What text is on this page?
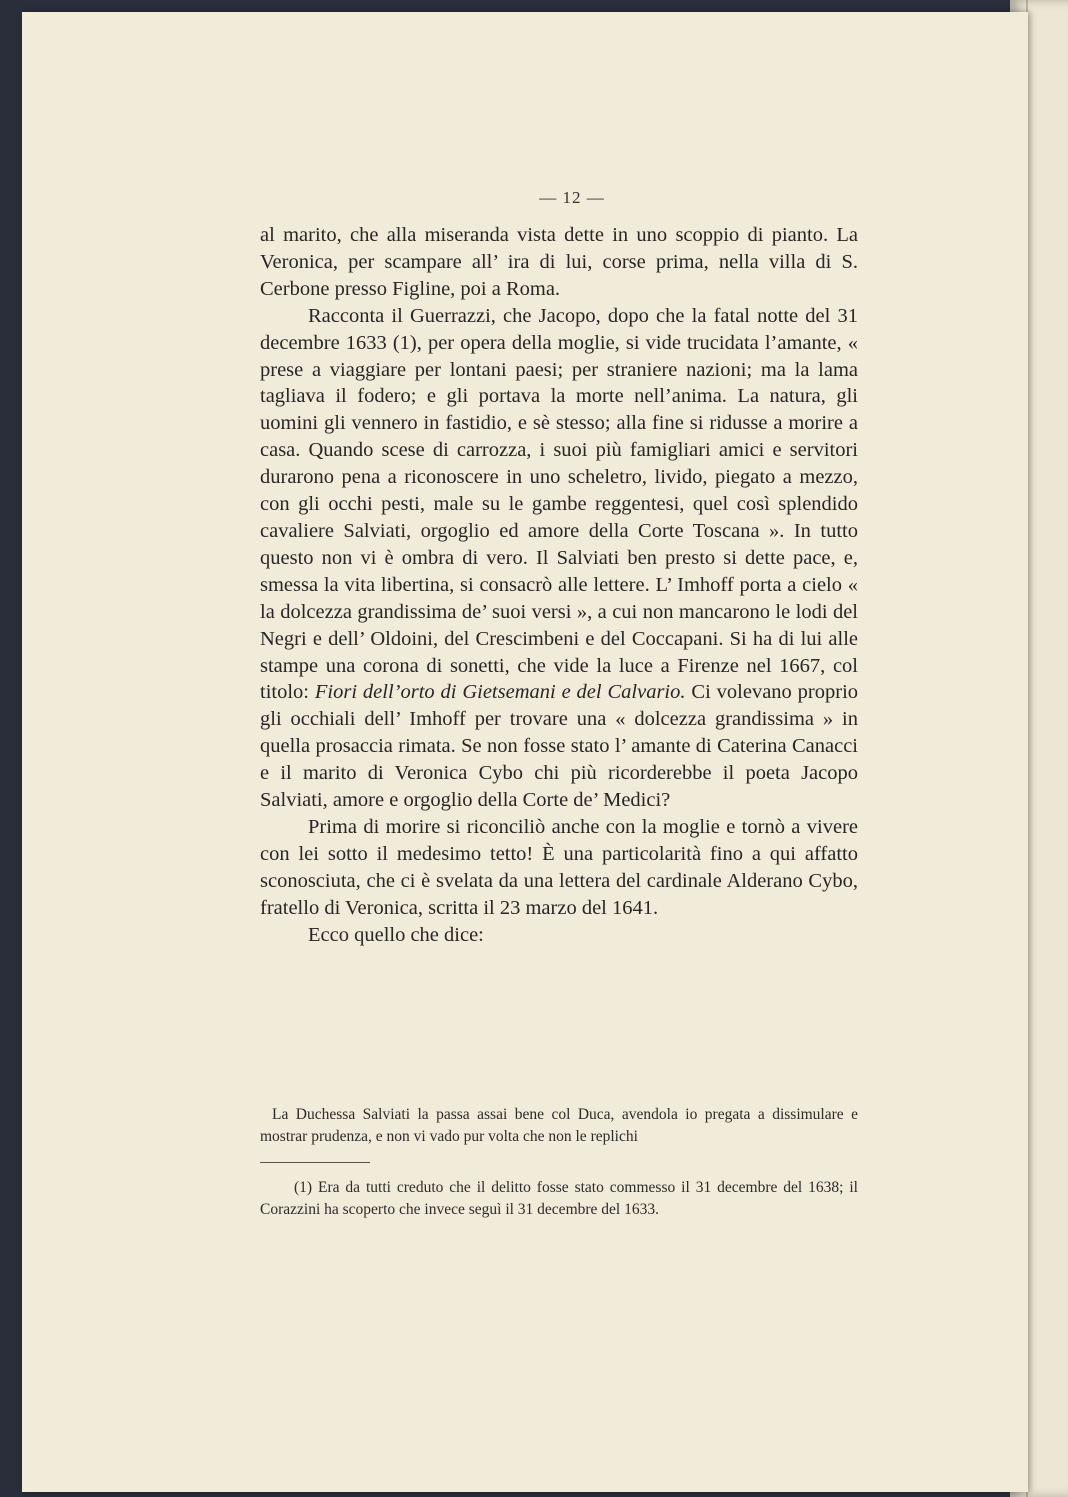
— 12 —

al marito, che alla miseranda vista dette in uno scoppio di pianto. La Veronica, per scampare all’ ira di lui, corse prima, nella villa di S. Cerbone presso Figline, poi a Roma.

Racconta il Guerrazzi, che Jacopo, dopo che la fatal notte del 31 decembre 1633 (1), per opera della moglie, si vide trucidata l’amante, « prese a viaggiare per lontani paesi; per straniere nazioni; ma la lama tagliava il fodero; e gli portava la morte nell’anima. La natura, gli uomini gli vennero in fastidio, e sè stesso; alla fine si ridusse a morire a casa. Quando scese di carrozza, i suoi più famigliari amici e servitori durarono pena a riconoscere in uno scheletro, livido, piegato a mezzo, con gli occhi pesti, male su le gambe reggentesi, quel così splendido cavaliere Salviati, orgoglio ed amore della Corte Toscana ». In tutto questo non vi è ombra di vero. Il Salviati ben presto si dette pace, e, smessa la vita libertina, si consacrò alle lettere. L’ Imhoff porta a cielo « la dolcezza grandissima de’ suoi versi », a cui non mancarono le lodi del Negri e dell’ Oldoini, del Crescimbeni e del Coccapani. Si ha di lui alle stampe una corona di sonetti, che vide la luce a Firenze nel 1667, col titolo: Fiori dell’orto di Gietsemani e del Calvario. Ci volevano proprio gli occhiali dell’ Imhoff per trovare una « dolcezza grandissima » in quella prosaccia rimata. Se non fosse stato l’ amante di Caterina Canacci e il marito di Veronica Cybo chi più ricorderebbe il poeta Jacopo Salviati, amore e orgoglio della Corte de’ Medici?

Prima di morire si riconciliò anche con la moglie e tornò a vivere con lei sotto il medesimo tetto! È una particolarità fino a qui affatto sconosciuta, che ci è svelata da una lettera del cardinale Alderano Cybo, fratello di Veronica, scritta il 23 marzo del 1641.

Ecco quello che dice:

La Duchessa Salviati la passa assai bene col Duca, avendola io pregata a dissimulare e mostrar prudenza, e non vi vado pur volta che non le replichi

(1) Era da tutti creduto che il delitto fosse stato commesso il 31 decembre del 1638; il Corazzini ha scoperto che invece seguì il 31 decembre del 1633.
